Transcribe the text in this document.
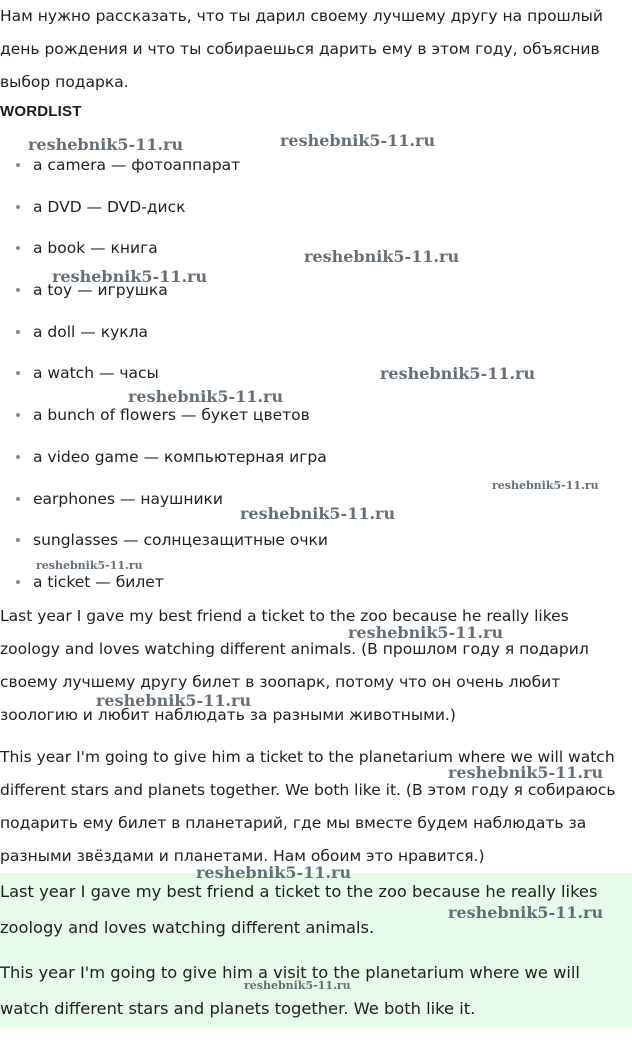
Нам нужно рассказать, что ты дарил своему лучшему другу на прошлый день рождения и что ты собираешься дарить ему в этом году, объяснив выбор подарка.

WORDLIST
a camera — фотоаппарат
a DVD — DVD-диск
a book — книга
a toy — игрушка
a doll — кукла
a watch — часы
a bunch of flowers — букет цветов
a video game — компьютерная игра
earphones — наушники
sunglasses — солнцезащитные очки
a ticket — билет

Last year I gave my best friend a ticket to the zoo because he really likes zoology and loves watching different animals. (В прошлом году я подарил своему лучшему другу билет в зоопарк, потому что он очень любит зоологию и любит наблюдать за разными животными.)

This year I'm going to give him a ticket to the planetarium where we will watch different stars and planets together. We both like it. (В этом году я собираюсь подарить ему билет в планетарий, где мы вместе будем наблюдать за разными звёздами и планетами. Нам обоим это нравится.)

Last year I gave my best friend a ticket to the zoo because he really likes zoology and loves watching different animals.

This year I'm going to give him a visit to the planetarium where we will watch different stars and planets together. We both like it.

reshebnik5-11.ru	reshebnik5-11.ru
reshebnik5-11.ru
reshebnik5-11.ru
reshebnik5-11.ru
reshebnik5-11.ru
reshebnik5-11.ru
reshebnik5-11.ru
reshebnik5-11.ru
reshebnik5-11.ru
reshebnik5-11.ru
reshebnik5-11.ru
reshebnik5-11.ru
reshebnik5-11.ru
reshebnik5-11.ru
